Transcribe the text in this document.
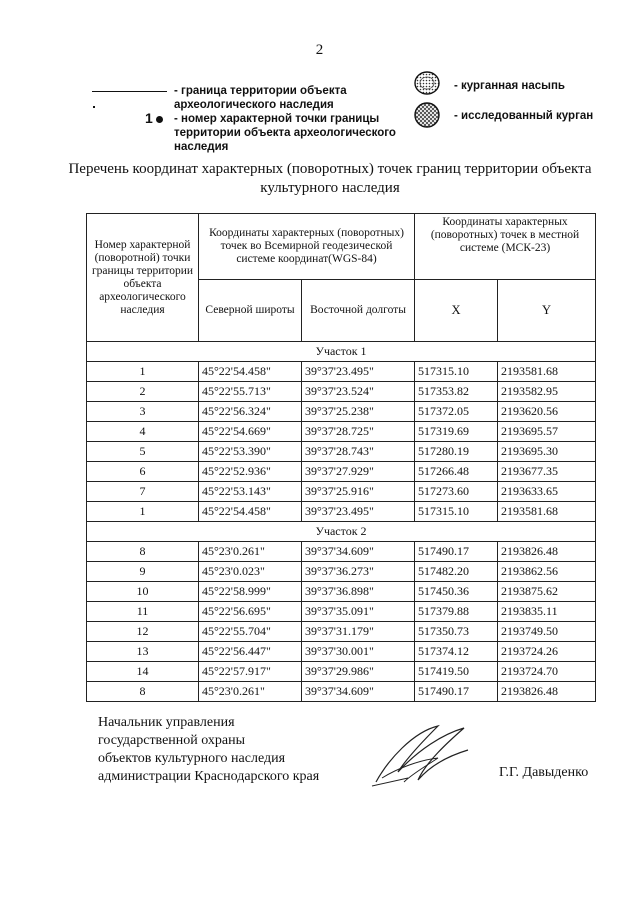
2
- граница территории объекта археологического наследия
1	- номер характерной точки границы территории объекта археологического наследия
- курганная насыпь
- исследованный курган
Перечень координат характерных (поворотных) точек границ территории объекта культурного наследия
Номер характерной (поворотной) точки границы территории объекта археологического наследия	Координаты характерных (поворотных) точек во Всемирной геодезической системе координат(WGS-84)		Координаты характерных (поворотных) точек в местной системе (МСК-23)	
	Северной широты	Восточной долготы	X	Y
Участок 1				
1	45°22'54.458"	39°37'23.495"	517315.10	2193581.68
2	45°22'55.713"	39°37'23.524"	517353.82	2193582.95
3	45°22'56.324"	39°37'25.238"	517372.05	2193620.56
4	45°22'54.669"	39°37'28.725"	517319.69	2193695.57
5	45°22'53.390"	39°37'28.743"	517280.19	2193695.30
6	45°22'52.936"	39°37'27.929"	517266.48	2193677.35
7	45°22'53.143"	39°37'25.916"	517273.60	2193633.65
1	45°22'54.458"	39°37'23.495"	517315.10	2193581.68
Участок 2				
8	45°23'0.261"	39°37'34.609"	517490.17	2193826.48
9	45°23'0.023"	39°37'36.273"	517482.20	2193862.56
10	45°22'58.999"	39°37'36.898"	517450.36	2193875.62
11	45°22'56.695"	39°37'35.091"	517379.88	2193835.11
12	45°22'55.704"	39°37'31.179"	517350.73	2193749.50
13	45°22'56.447"	39°37'30.001"	517374.12	2193724.26
14	45°22'57.917"	39°37'29.986"	517419.50	2193724.70
8	45°23'0.261"	39°37'34.609"	517490.17	2193826.48
Начальник управления
государственной охраны
объектов культурного наследия
администрации Краснодарского края	Г.Г. Давыденко
